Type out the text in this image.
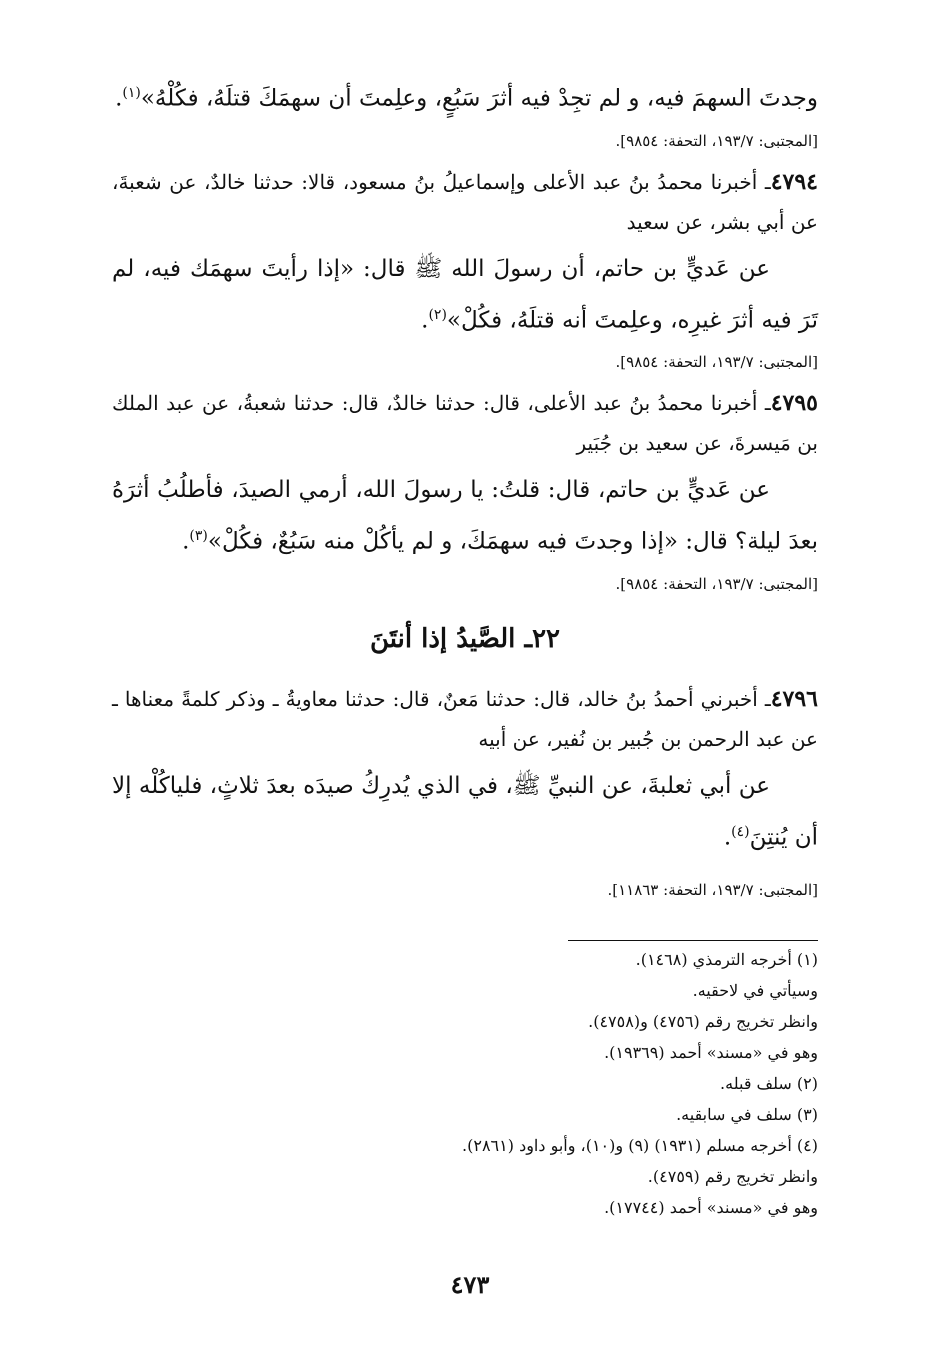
وجدتَ السهمَ فيه، و لم تجِدْ فيه أثرَ سَبُعٍ، وعلِمتَ أن سهمَكَ قتلَهُ، فكُلْهُ»$^{(١)}$.

[المجتبى: ١٩٣/٧، التحفة: ٩٨٥٤].

٤٧٩٤ـ أخبرنا محمدُ بنُ عبد الأعلى وإسماعيلُ بنُ مسعود، قالا: حدثنا خالدٌ، عن شعبةَ، عن أبي بشر، عن سعيد

عن عَديٍّ بن حاتم، أن رسولَ الله ﷺ قال: «إذا رأيتَ سهمَك فيه، لم تَرَ فيه أثرَ غيرِه، وعلِمتَ أنه قتلَهُ، فكُلْ»$^{(٢)}$.

[المجتبى: ١٩٣/٧، التحفة: ٩٨٥٤].

٤٧٩٥ـ أخبرنا محمدُ بنُ عبد الأعلى، قال: حدثنا خالدٌ، قال: حدثنا شعبةُ، عن عبد الملك بن مَيسرةَ، عن سعيد بن جُبَير

عن عَديٍّ بن حاتم، قال: قلتُ: يا رسولَ الله، أرمي الصيدَ، فأطلُبُ أثرَهُ بعدَ ليلة؟ قال: «إذا وجدتَ فيه سهمَكَ، و لم يأكُلْ منه سَبُعٌ، فكُلْ»$^{(٣)}$.

[المجتبى: ١٩٣/٧، التحفة: ٩٨٥٤].
٢٢ـ الصَّيدُ إذا أنتَنَ

٤٧٩٦ـ أخبرني أحمدُ بنُ خالد، قال: حدثنا مَعنٌ، قال: حدثنا معاويةُ ـ وذكر كلمةً معناها ـ عن عبد الرحمن بن جُبير بن نُفير، عن أبيه

عن أبي ثعلبةَ، عن النبيِّ ﷺ، في الذي يُدرِكُ صيدَه بعدَ ثلاثٍ، فلياكُلْه إلا أن يُنتِنَ$^{(٤)}$.

[المجتبى: ١٩٣/٧، التحفة: ١١٨٦٣].
(١) أخرجه الترمذي (١٤٦٨).
وسيأتي في لاحقيه.
وانظر تخريج رقم (٤٧٥٦) و(٤٧٥٨).
وهو في «مسند» أحمد (١٩٣٦٩).
(٢) سلف قبله.
(٣) سلف في سابقيه.
(٤) أخرجه مسلم (١٩٣١) (٩) و(١٠)، وأبو داود (٢٨٦١).
وانظر تخريج رقم (٤٧٥٩).
وهو في «مسند» أحمد (١٧٧٤٤).
٤٧٣
